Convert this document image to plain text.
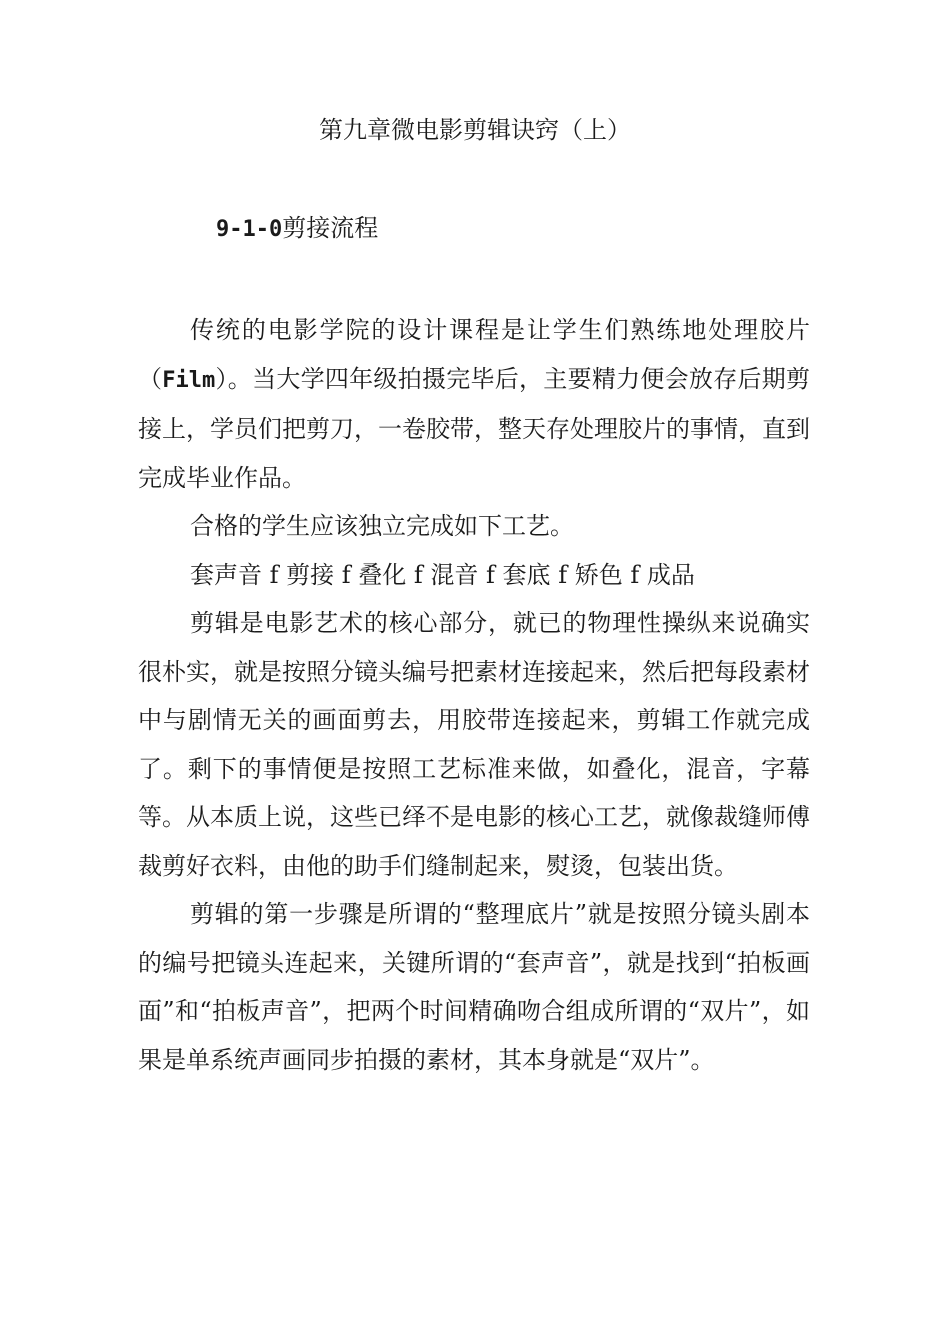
第九章微电影剪辑诀窍（上）
9-1-0剪接流程

传统的电影学院的设计课程是让学生们熟练地处理胶片（Film）。当大学四年级拍摄完毕后，主要精力便会放存后期剪接上，学员们把剪刀，一卷胶带，整天存处理胶片的事情，直到完成毕业作品。

合格的学生应该独立完成如下工艺。

套声音 f 剪接 f 叠化 f 混音 f 套底 f 矫色 f 成品

剪辑是电影艺术的核心部分，就已的物理性操纵来说确实很朴实，就是按照分镜头编号把素材连接起来，然后把每段素材中与剧情无关的画面剪去，用胶带连接起来，剪辑工作就完成了。剩下的事情便是按照工艺标准来做，如叠化，混音，字幕等。从本质上说，这些已绎不是电影的核心工艺，就像裁缝师傅裁剪好衣料，由他的助手们缝制起来，熨烫，包装出货。

剪辑的第一步骤是所谓的“整理底片”就是按照分镜头剧本的编号把镜头连起来，关键所谓的“套声音”，就是找到“拍板画面”和“拍板声音”，把两个时间精确吻合组成所谓的“双片”，如果是单系统声画同步拍摄的素材，其本身就是“双片”。
